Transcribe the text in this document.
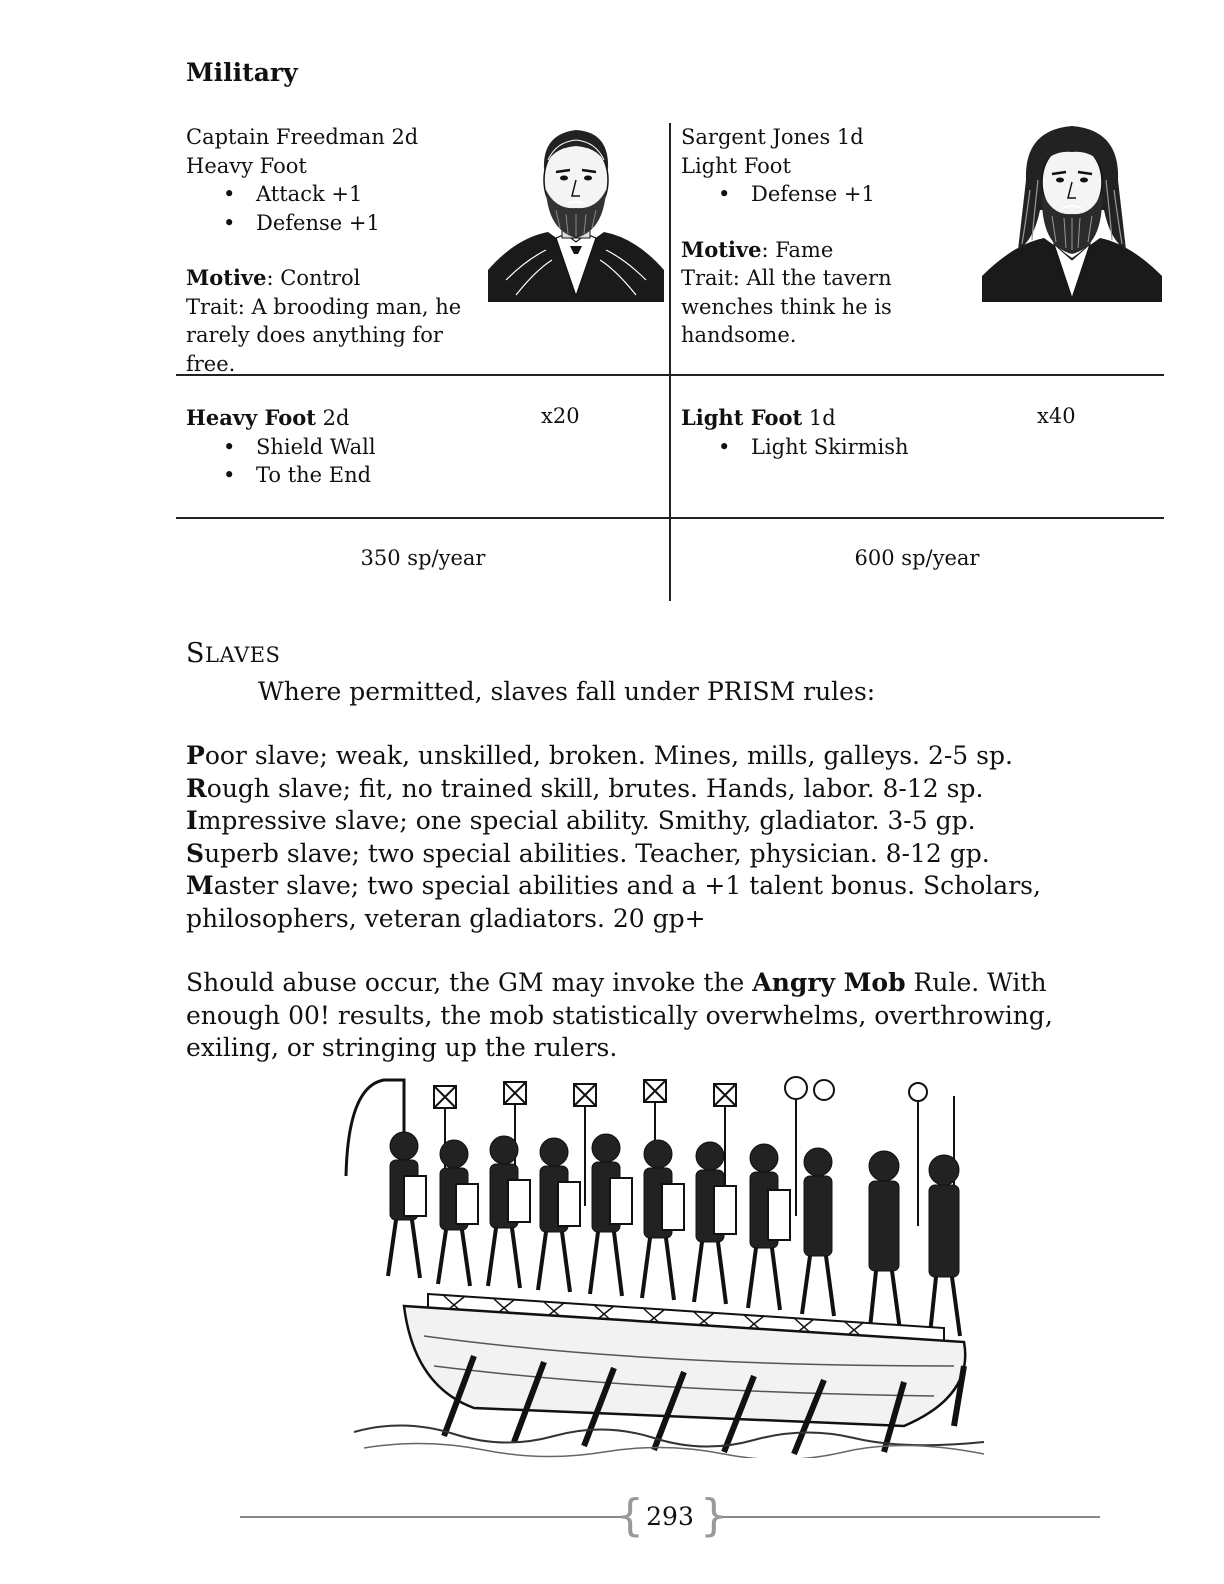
Military
Captain Freedman 2d
Heavy Foot
• Attack +1
• Defense +1
Motive: Control
Trait: A brooding man, he
rarely does anything for free.
Sargent Jones 1d
Light Foot
• Defense +1
Motive: Fame
Trait: All the tavern
wenches think he is
handsome.
Heavy Foot 2d
• Shield Wall
• To the End
x20	Light Foot 1d
• Light Skirmish
x40
350 sp/year	600 sp/year
SLAVES
Where permitted, slaves fall under PRISM rules:
Poor slave; weak, unskilled, broken. Mines, mills, galleys. 2-5 sp.
Rough slave; fit, no trained skill, brutes. Hands, labor. 8-12 sp.
Impressive slave; one special ability. Smithy, gladiator. 3-5 gp.
Superb slave; two special abilities. Teacher, physician. 8-12 gp.
Master slave; two special abilities and a +1 talent bonus. Scholars, philosophers, veteran gladiators. 20 gp+
Should abuse occur, the GM may invoke the Angry Mob Rule. With enough 00! results, the mob statistically overwhelms, overthrowing, exiling, or stringing up the rulers.
{ }
293
